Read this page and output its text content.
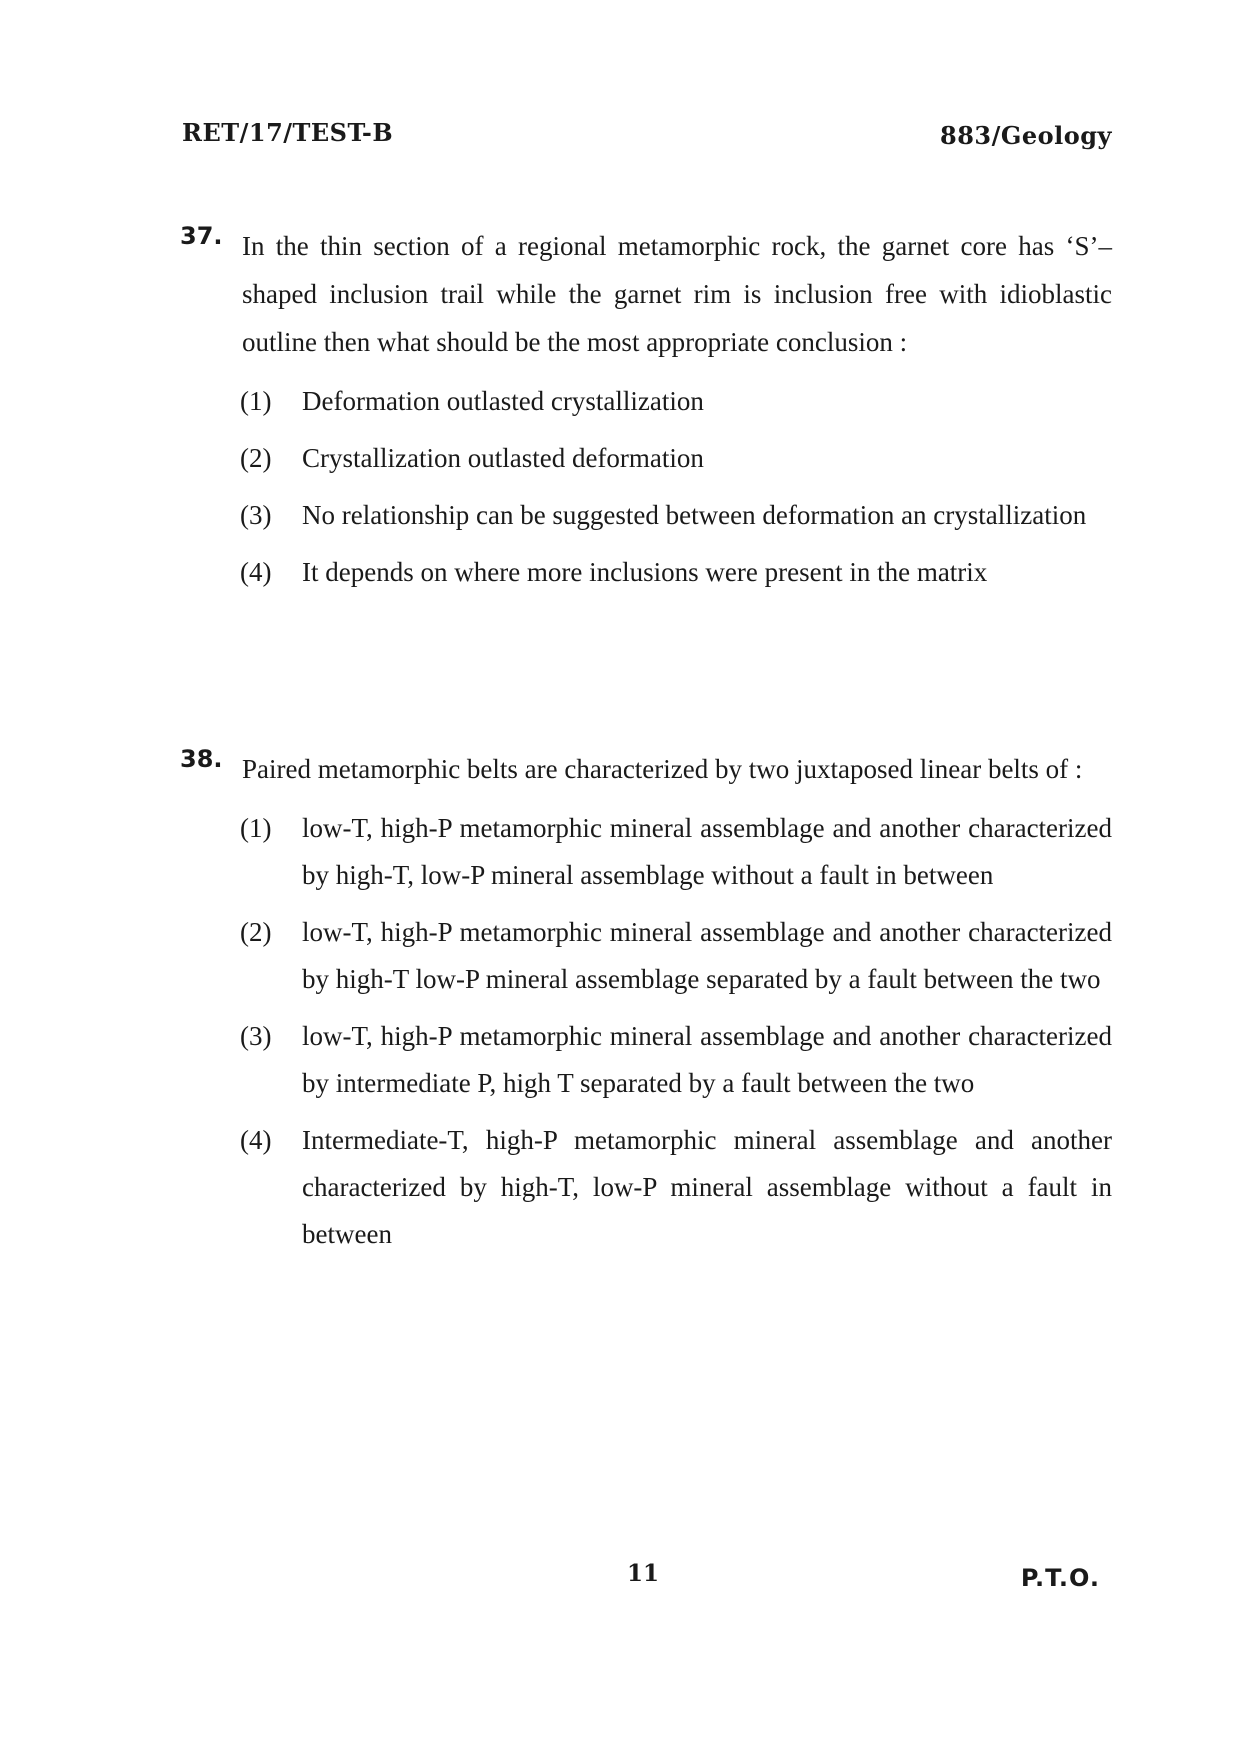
RET/17/TEST-B	883/Geology
37. In the thin section of a regional metamorphic rock, the garnet core has ‘S’–shaped inclusion trail while the garnet rim is inclusion free with idioblastic outline then what should be the most appropriate conclusion :
(1) Deformation outlasted crystallization
(2) Crystallization outlasted deformation
(3) No relationship can be suggested between deformation an crystallization
(4) It depends on where more inclusions were present in the matrix
38. Paired metamorphic belts are characterized by two juxtaposed linear belts of :
(1) low-T, high-P metamorphic mineral assemblage and another characterized by high-T, low-P mineral assemblage without a fault in between
(2) low-T, high-P metamorphic mineral assemblage and another characterized by high-T low-P mineral assemblage separated by a fault between the two
(3) low-T, high-P metamorphic mineral assemblage and another characterized by intermediate P, high T separated by a fault between the two
(4) Intermediate-T, high-P metamorphic mineral assemblage and another characterized by high-T, low-P mineral assemblage without a fault in between
11	P.T.O.
